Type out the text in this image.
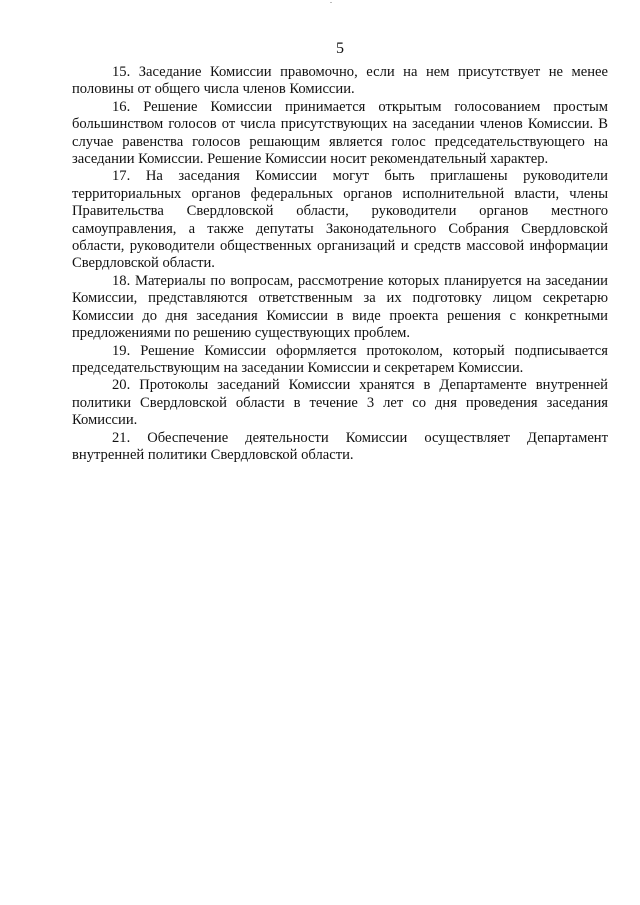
5

15. Заседание Комиссии правомочно, если на нем присутствует не менее половины от общего числа членов Комиссии.

16. Решение Комиссии принимается открытым голосованием простым большинством голосов от числа присутствующих на заседании членов Комиссии. В случае равенства голосов решающим является голос председательствующего на заседании Комиссии. Решение Комиссии носит рекомендательный характер.

17. На заседания Комиссии могут быть приглашены руководители территориальных органов федеральных органов исполнительной власти, члены Правительства Свердловской области, руководители органов местного самоуправления, а также депутаты Законодательного Собрания Свердловской области, руководители общественных организаций и средств массовой информации Свердловской области.

18. Материалы по вопросам, рассмотрение которых планируется на заседании Комиссии, представляются ответственным за их подготовку лицом секретарю Комиссии до дня заседания Комиссии в виде проекта решения с конкретными предложениями по решению существующих проблем.

19. Решение Комиссии оформляется протоколом, который подписывается председательствующим на заседании Комиссии и секретарем Комиссии.

20. Протоколы заседаний Комиссии хранятся в Департаменте внутренней политики Свердловской области в течение 3 лет со дня проведения заседания Комиссии.

21. Обеспечение деятельности Комиссии осуществляет Департамент внутренней политики Свердловской области.
